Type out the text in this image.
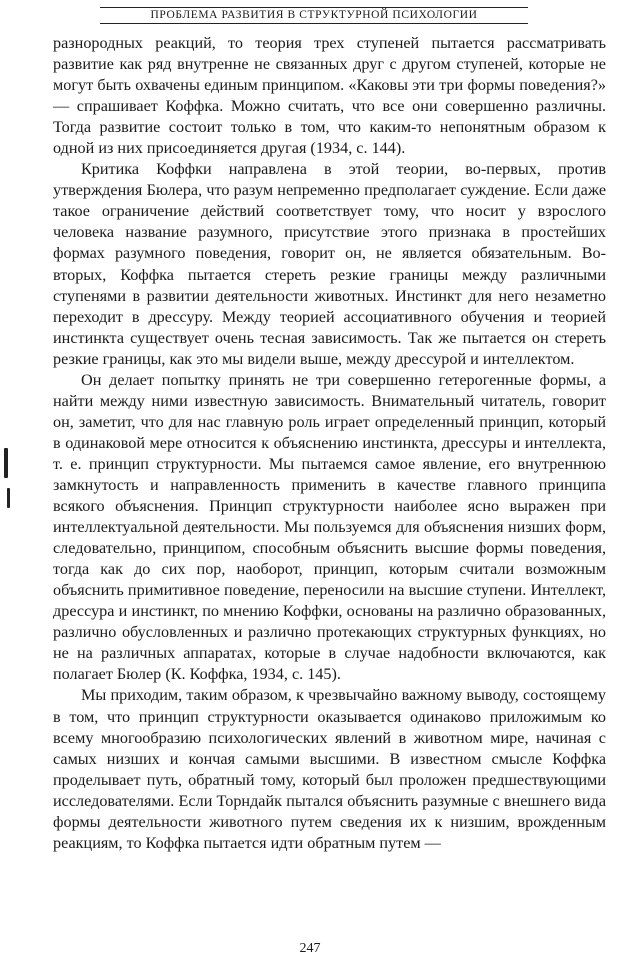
ПРОБЛЕМА РАЗВИТИЯ В СТРУКТУРНОЙ ПСИХОЛОГИИ

разнородных реакций, то теория трех ступеней пытается рассматривать развитие как ряд внутренне не связанных друг с другом ступеней, которые не могут быть охвачены единым принципом. «Каковы эти три формы поведения?» — спрашивает Коффка. Можно считать, что все они совершенно различны. Тогда развитие состоит только в том, что каким-то непонятным образом к одной из них присоединяется другая (1934, с. 144).

Критика Коффки направлена в этой теории, во-первых, против утверждения Бюлера, что разум непременно предполагает суждение. Если даже такое ограничение действий соответствует тому, что носит у взрослого человека название разумного, присутствие этого признака в простейших формах разумного поведения, говорит он, не является обязательным. Во-вторых, Коффка пытается стереть резкие границы между различными ступенями в развитии деятельности животных. Инстинкт для него незаметно переходит в дрессуру. Между теорией ассоциативного обучения и теорией инстинкта существует очень тесная зависимость. Так же пытается он стереть резкие границы, как это мы видели выше, между дрессурой и интеллектом.

Он делает попытку принять не три совершенно гетерогенные формы, а найти между ними известную зависимость. Внимательный читатель, говорит он, заметит, что для нас главную роль играет определенный принцип, который в одинаковой мере относится к объяснению инстинкта, дрессуры и интеллекта, т. е. принцип структурности. Мы пытаемся самое явление, его внутреннюю замкнутость и направленность применить в качестве главного принципа всякого объяснения. Принцип структурности наиболее ясно выражен при интеллектуальной деятельности. Мы пользуемся для объяснения низших форм, следовательно, принципом, способным объяснить высшие формы поведения, тогда как до сих пор, наоборот, принцип, которым считали возможным объяснить примитивное поведение, переносили на высшие ступени. Интеллект, дрессура и инстинкт, по мнению Коффки, основаны на различно образованных, различно обусловленных и различно протекающих структурных функциях, но не на различных аппаратах, которые в случае надобности включаются, как полагает Бюлер (К. Коффка, 1934, с. 145).

Мы приходим, таким образом, к чрезвычайно важному выводу, состоящему в том, что принцип структурности оказывается одинаково приложимым ко всему многообразию психологических явлений в животном мире, начиная с самых низших и кончая самыми высшими. В известном смысле Коффка проделывает путь, обратный тому, который был проложен предшествующими исследователями. Если Торндайк пытался объяснить разумные с внешнего вида формы деятельности животного путем сведения их к низшим, врожденным реакциям, то Коффка пытается идти обратным путем —

247
